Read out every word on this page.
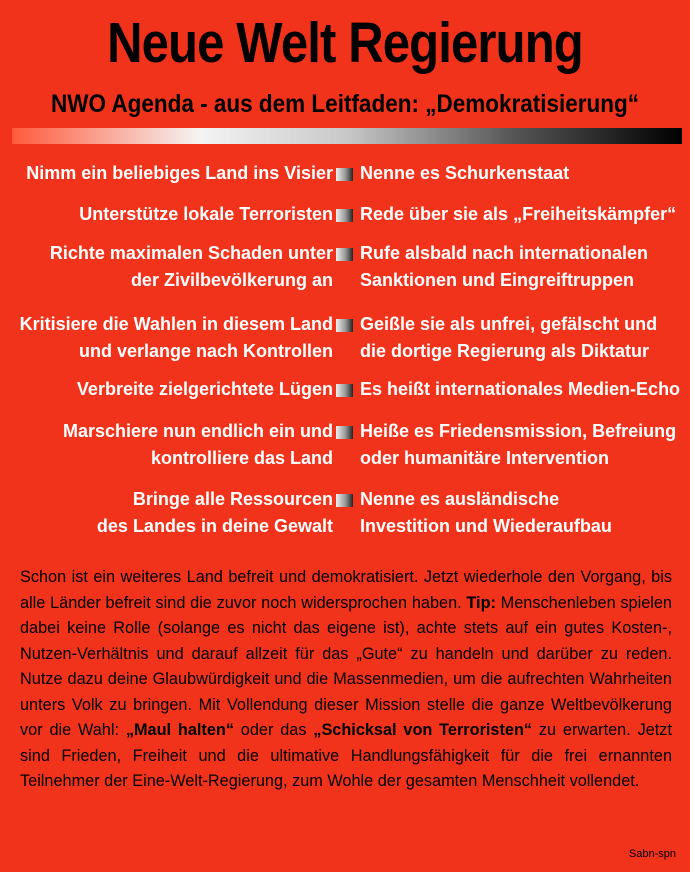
Neue Welt Regierung
NWO Agenda - aus dem Leitfaden: „Demokratisierung“
Nimm ein beliebiges Land ins Visier Nenne es Schurkenstaat
Unterstütze lokale Terroristen Rede über sie als „Freiheitskämpfer“
Richte maximalen Schaden unter
der Zivilbevölkerung an
Rufe alsbald nach internationalen
Sanktionen und Eingreiftruppen
Kritisiere die Wahlen in diesem Land
und verlange nach Kontrollen
Geißle sie als unfrei, gefälscht und
die dortige Regierung als Diktatur
Verbreite zielgerichtete Lügen Es heißt internationales Medien-Echo
Marschiere nun endlich ein und
kontrolliere das Land
Heiße es Friedensmission, Befreiung
oder humanitäre Intervention
Bringe alle Ressourcen
des Landes in deine Gewalt
Nenne es ausländische
Investition und Wiederaufbau
Schon ist ein weiteres Land befreit und demokratisiert. Jetzt wiederhole den Vorgang, bis alle Länder befreit sind die zuvor noch widersprochen haben. Tip: Menschenleben spielen dabei keine Rolle (solange es nicht das eigene ist), achte stets auf ein gutes Kosten-, Nutzen-Verhältnis und darauf allzeit für das „Gute“ zu handeln und darüber zu reden. Nutze dazu deine Glaubwürdigkeit und die Massenmedien, um die aufrechten Wahrheiten unters Volk zu bringen. Mit Vollendung dieser Mission stelle die ganze Weltbevölkerung vor die Wahl: „Maul halten“ oder das „Schicksal von Terroristen“ zu erwarten. Jetzt sind Frieden, Freiheit und die ultimative Handlungsfähigkeit für die frei ernannten Teilnehmer der Eine-Welt-Regierung, zum Wohle der gesamten Menschheit vollendet.
Sabn-spn
